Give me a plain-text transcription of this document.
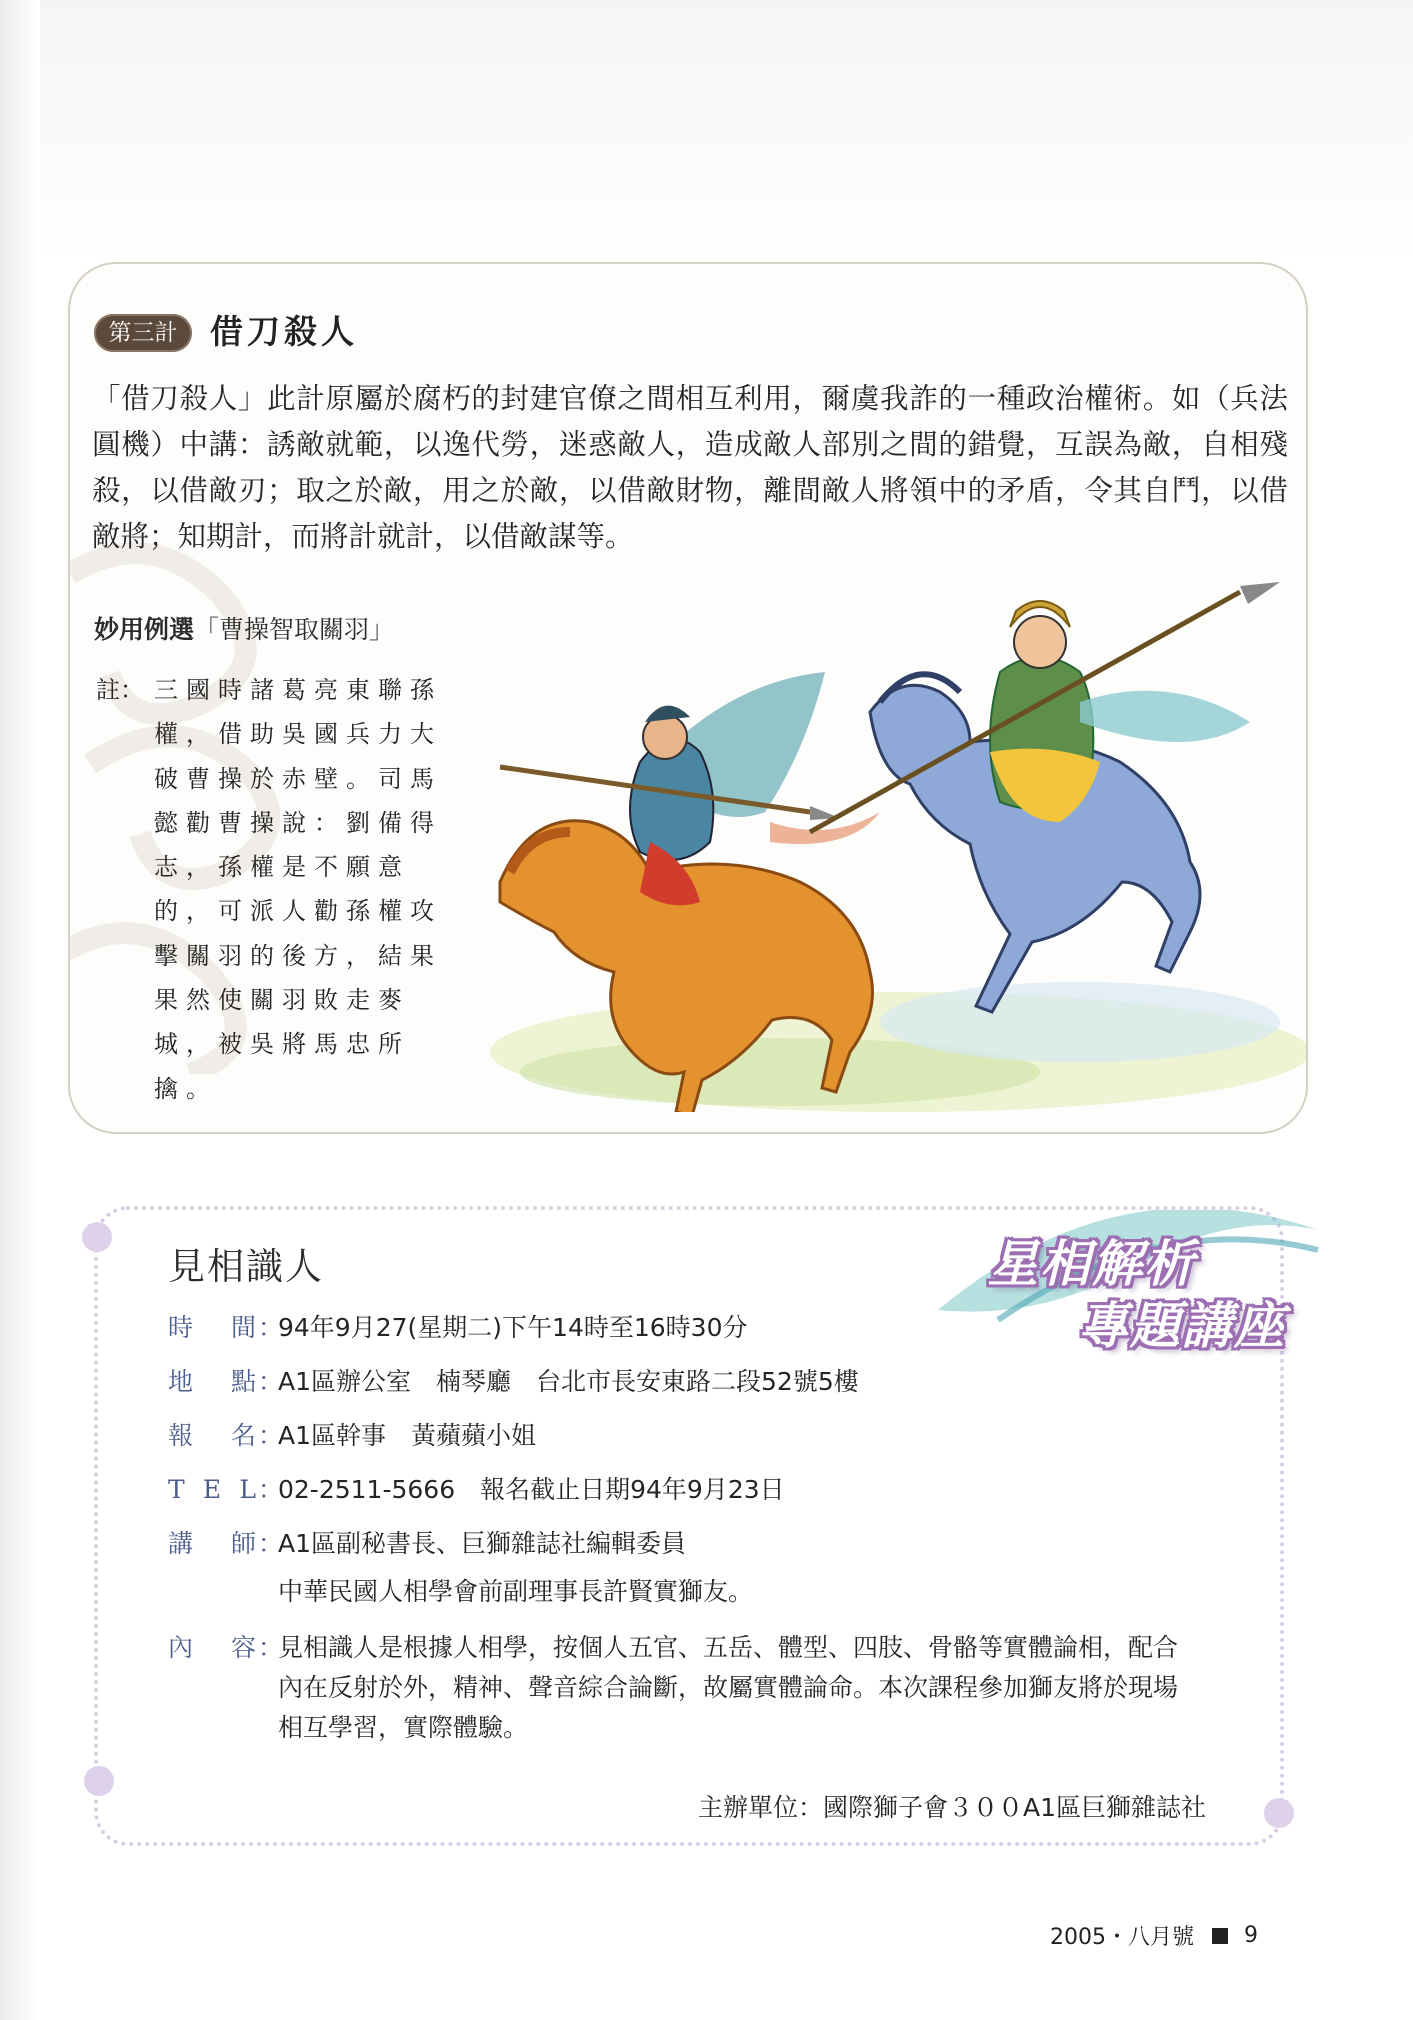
第三計 借刀殺人

「借刀殺人」此計原屬於腐朽的封建官僚之間相互利用，爾虞我詐的一種政治權術。如（兵法圓機）中講：誘敵就範，以逸代勞，迷惑敵人，造成敵人部別之間的錯覺，互誤為敵，自相殘殺，以借敵刃；取之於敵，用之於敵，以借敵財物，離間敵人將領中的矛盾，令其自鬥，以借敵將；知期計，而將計就計，以借敵謀等。

妙用例選「曹操智取關羽」
註： 三國時諸葛亮東聯孫權，借助吳國兵力大破曹操於赤壁。司馬懿勸曹操說：劉備得志，孫權是不願意的，可派人勸孫權攻擊關羽的後方，結果果然使關羽敗走麥城，被吳將馬忠所擒。
見相識人	星相解析
專題講座
時 間 ：
94年9月27(星期二)下午14時至16時30分
地 點 ：
A1區辦公室　楠琴廳　台北市長安東路二段52號5樓
報 名 ：
A1區幹事　黃蘋蘋小姐
T E L ：
02-2511-5666　報名截止日期94年9月23日
講 師 ：
A1區副秘書長、巨獅雜誌社編輯委員
中華民國人相學會前副理事長許賢實獅友。
內 容 ：
見相識人是根據人相學，按個人五官、五岳、體型、四肢、骨骼等實體論相，配合內在反射於外，精神、聲音綜合論斷，故屬實體論命。本次課程參加獅友將於現場相互學習，實際體驗。
主辦單位：國際獅子會３００A1區巨獅雜誌社
2005・八月號 9
